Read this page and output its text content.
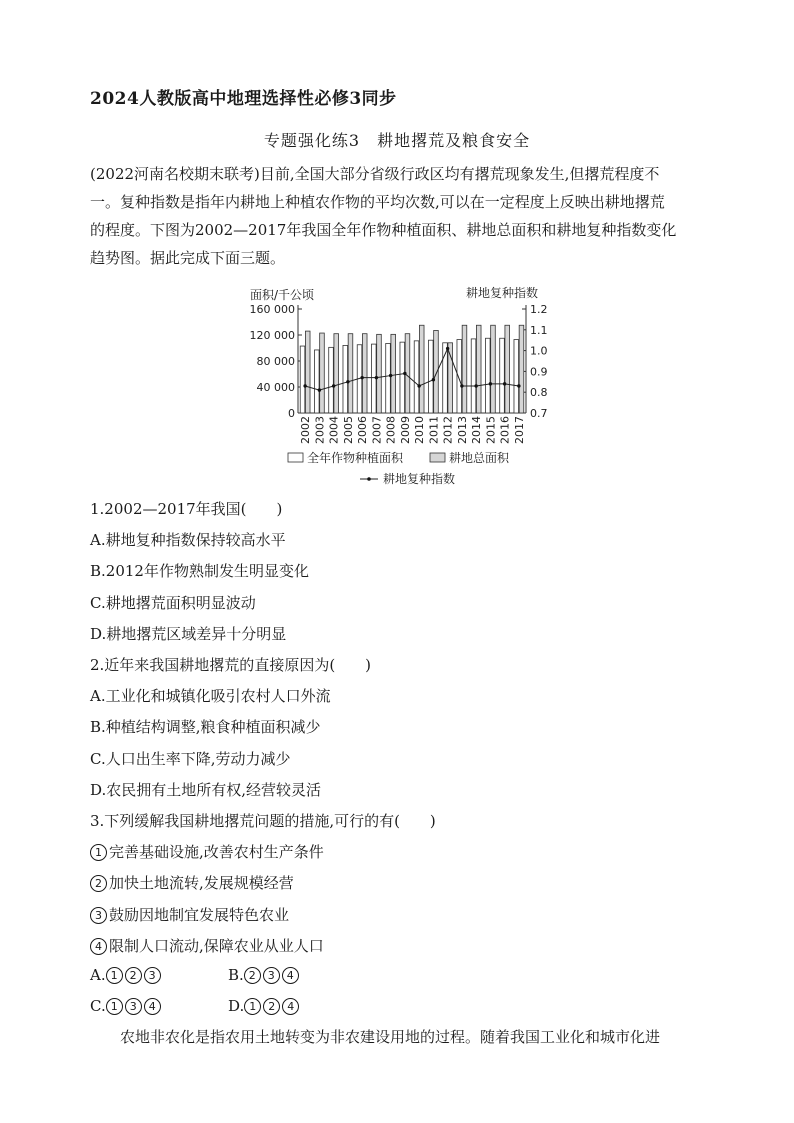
2024人教版高中地理选择性必修3同步
专题强化练3　耕地撂荒及粮食安全
(2022河南名校期末联考)目前,全国大部分省级行政区均有撂荒现象发生,但撂荒程度不
一。复种指数是指年内耕地上种植农作物的平均次数,可以在一定程度上反映出耕地撂荒
的程度。下图为2002—2017年我国全年作物种植面积、耕地总面积和耕地复种指数变化
趋势图。据此完成下面三题。
面积/千公顷	耕地复种指数
0
40 000
80 000
120 000
160 000
0.7
0.8
0.9
1.0
1.1
1.2
2002 2003 2004 2005 2006 2007 2008 2009 2010 2011 2012 2013 2014 2015 2016 2017
全年作物种植面积	耕地总面积
耕地复种指数
1.2002—2017年我国(　　)
A.耕地复种指数保持较高水平
B.2012年作物熟制发生明显变化
C.耕地撂荒面积明显波动
D.耕地撂荒区域差异十分明显
2.近年来我国耕地撂荒的直接原因为(　　)
A.工业化和城镇化吸引农村人口外流
B.种植结构调整,粮食种植面积减少
C.人口出生率下降,劳动力减少
D.农民拥有土地所有权,经营较灵活
3.下列缓解我国耕地撂荒问题的措施,可行的有(　　)
1 完善基础设施,改善农村生产条件
2 加快土地流转,发展规模经营
3 鼓励因地制宜发展特色农业
4 限制人口流动,保障农业从业人口
A. 1 2 3	B. 2 3 4
C. 1 3 4	D. 1 2 4
农地非农化是指农用土地转变为非农建设用地的过程。随着我国工业化和城市化进
